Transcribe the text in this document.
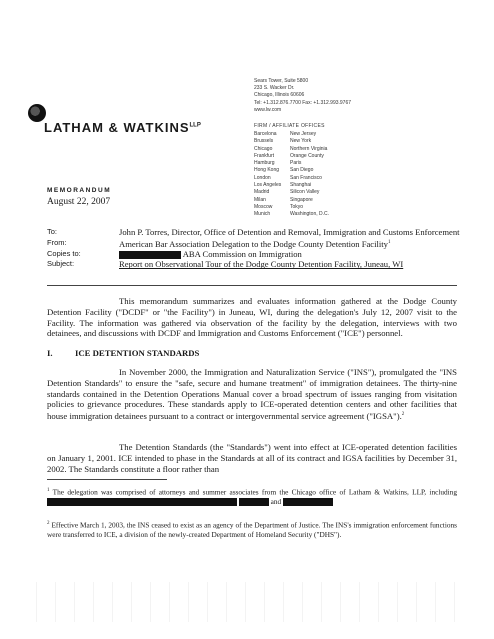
LATHAM & $WATKINS^{LLP}$
Sears Tower, Suite 5800
233 S. Wacker Dr.
Chicago, Illinois 60606
Tel: +1.312.876.7700 Fax: +1.312.993.9767
www.lw.com
FIRM / AFFILIATE OFFICES
Barcelona	New Jersey
Brussels	New York
Chicago	Northern Virginia
Frankfurt	Orange County
Hamburg	Paris
Hong Kong	San Diego
London	San Francisco
Los Angeles	Shanghai
Madrid	Silicon Valley
Milan	Singapore
Moscow	Tokyo
Munich	Washington, D.C.
MEMORANDUM
August 22, 2007
To:	John P. Torres, Director, Office of Detention and Removal, Immigration and Customs Enforcement
From:	American Bar Association Delegation to the Dodge County Detention Facility$^1$
Copies to:	ABA Commission on Immigration
Subject:	Report on Observational Tour of the Dodge County Detention Facility, Juneau, WI
This memorandum summarizes and evaluates information gathered at the Dodge County Detention Facility ("DCDF" or "the Facility") in Juneau, WI, during the delegation's July 12, 2007 visit to the Facility. The information was gathered via observation of the facility by the delegation, interviews with two detainees, and discussions with DCDF and Immigration and Customs Enforcement ("ICE") personnel.
I.	ICE DETENTION STANDARDS
In November 2000, the Immigration and Naturalization Service ("INS"), promulgated the "INS Detention Standards" to ensure the "safe, secure and humane treatment" of immigration detainees. The thirty-nine standards contained in the Detention Operations Manual cover a broad spectrum of issues ranging from visitation policies to grievance procedures. These standards apply to ICE-operated detention centers and other facilities that house immigration detainees pursuant to a contract or intergovernmental service agreement ("IGSA").$^2$
The Detention Standards (the "Standards") went into effect at ICE-operated detention facilities on January 1, 2001. ICE intended to phase in the Standards at all of its contract and IGSA facilities by December 31, 2002. The Standards constitute a floor rather than
$^1$ The delegation was comprised of attorneys and summer associates from the Chicago office of Latham & Watkins, LLP, including   and
$^2$ Effective March 1, 2003, the INS ceased to exist as an agency of the Department of Justice. The INS's immigration enforcement functions were transferred to ICE, a division of the newly-created Department of Homeland Security ("DHS").
